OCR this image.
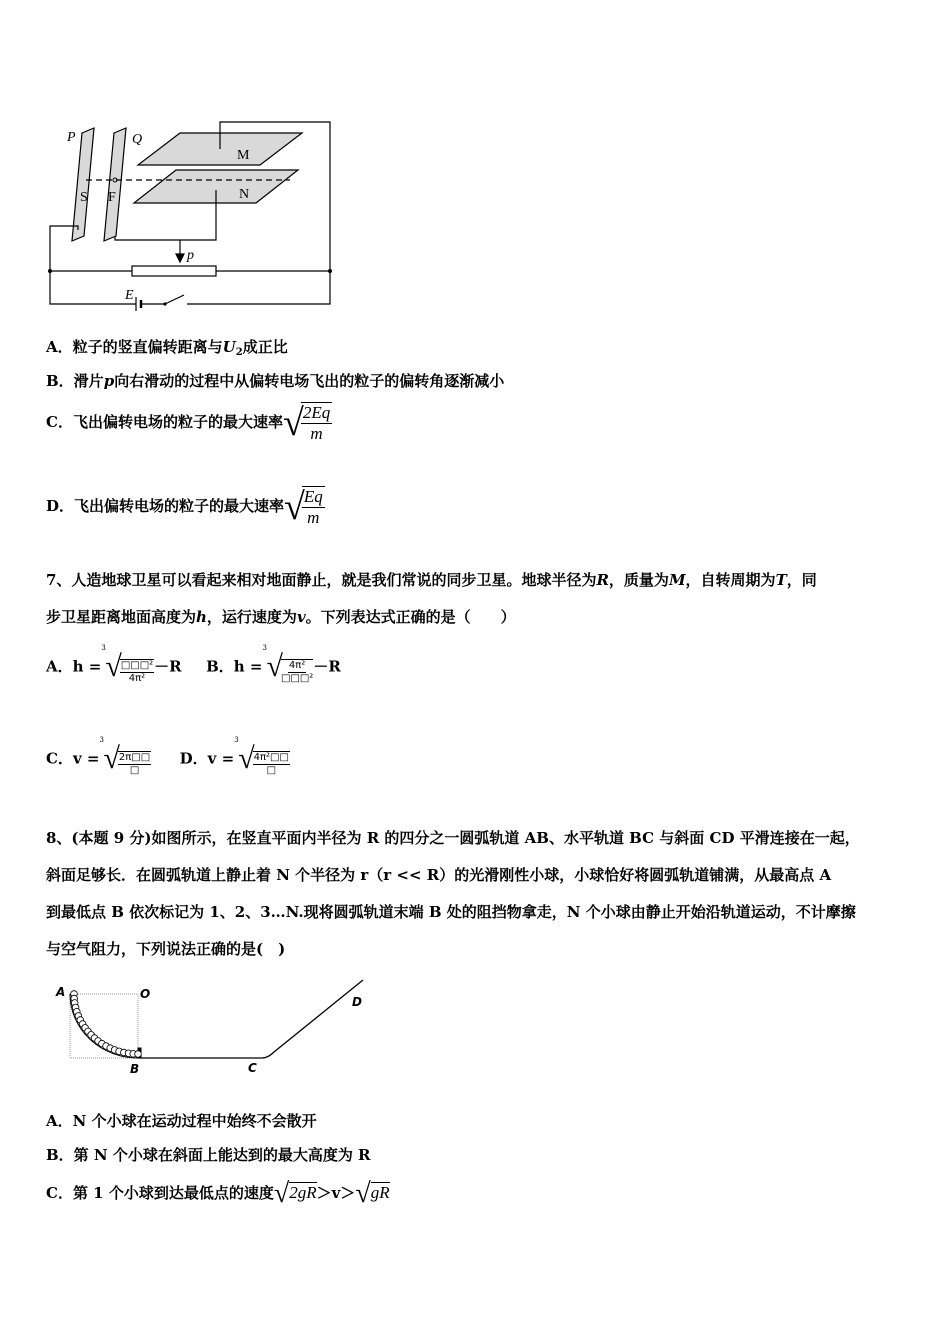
P	Q
M
N
S F
p
E
A．粒子的竖直偏转距离与$U_2$成正比
B．滑片p向右滑动的过程中从偏转电场飞出的粒子的偏转角逐渐减小
C．飞出偏转电场的粒子的最大速率√
$\frac{2Eq}{m}$
D．飞出偏转电场的粒子的最大速率√
$\frac{Eq}{m}$
7、人造地球卫星可以看起来相对地面静止，就是我们常说的同步卫星。地球半径为R，质量为M，自转周期为T，同
步卫星距离地面高度为h，运行速度为v。下列表达式正确的是（　　）
A．h =
3
√
$\frac{\text{□□□²}}{\text{4π²}} -R$ B．h =
3
√
$\frac{\text{4π²}}{\text{□□□²}} -R$
C．v =
3
√
$\frac{2\pi□□}{□}$ D．v =
3
√
$\frac{\text{4π²□□}}{□}$
8、(本题 9 分)如图所示，在竖直平面内半径为 R 的四分之一圆弧轨道 AB、水平轨道 BC 与斜面 CD 平滑连接在一起，
斜面足够长．在圆弧轨道上静止着 N 个半径为 r（r << R）的光滑刚性小球，小球恰好将圆弧轨道铺满，从最高点 A
到最低点 B 依次标记为 1、2、3…N.现将圆弧轨道末端 B 处的阻挡物拿走，N 个小球由静止开始沿轨道运动，不计摩擦
与空气阻力，下列说法正确的是(　)
A	O
B	C
D
A．N 个小球在运动过程中始终不会散开
B．第 N 个小球在斜面上能达到的最大高度为 R
C．第 1 个小球到达最低点的速度√2gR＞v＞√gR
